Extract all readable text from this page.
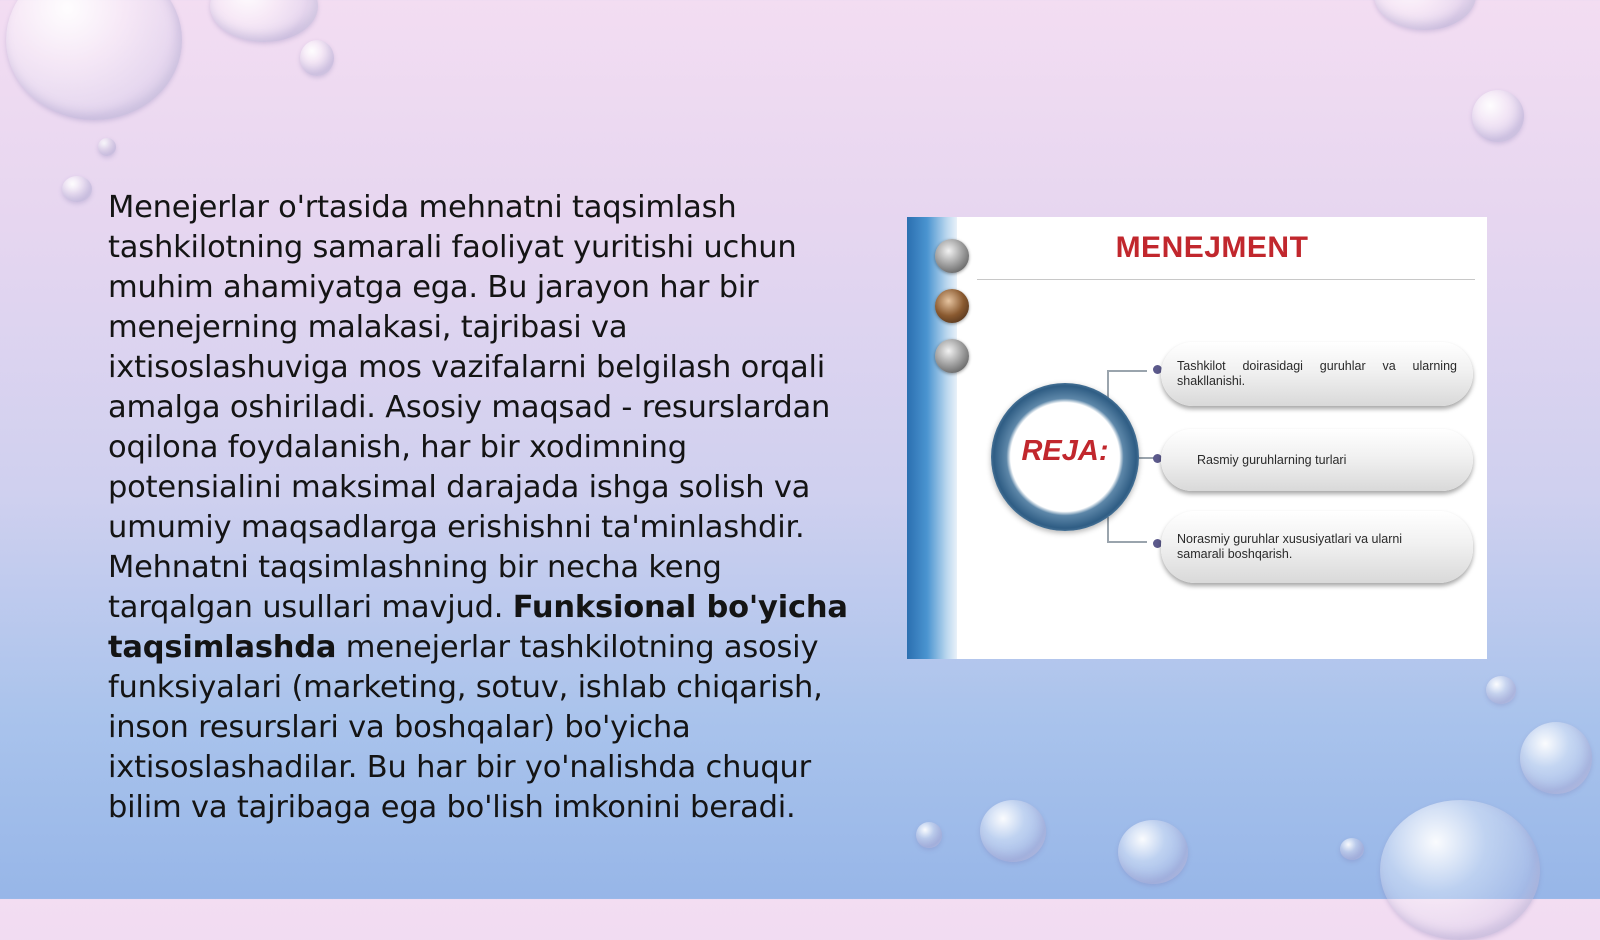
Menejerlar o'rtasida mehnatni taqsimlash tashkilotning samarali faoliyat yuritishi uchun muhim ahamiyatga ega. Bu jarayon har bir menejerning malakasi, tajribasi va ixtisoslashuviga mos vazifalarni belgilash orqali amalga oshiriladi. Asosiy maqsad - resurslardan oqilona foydalanish, har bir xodimning potensialini maksimal darajada ishga solish va umumiy maqsadlarga erishishni ta'minlashdir.

Mehnatni taqsimlashning bir necha keng tarqalgan usullari mavjud. Funksional bo'yicha taqsimlashda menejerlar tashkilotning asosiy funksiyalari (marketing, sotuv, ishlab chiqarish, inson resurslari va boshqalar) bo'yicha ixtisoslashadilar. Bu har bir yo'nalishda chuqur bilim va tajribaga ega bo'lish imkonini beradi.

MENEJMENT
REJA:
Tashkilot doirasidagi guruhlar va ularning shakllanishi.
Rasmiy guruhlarning turlari
Norasmiy guruhlar xususiyatlari va ularni samarali boshqarish.
